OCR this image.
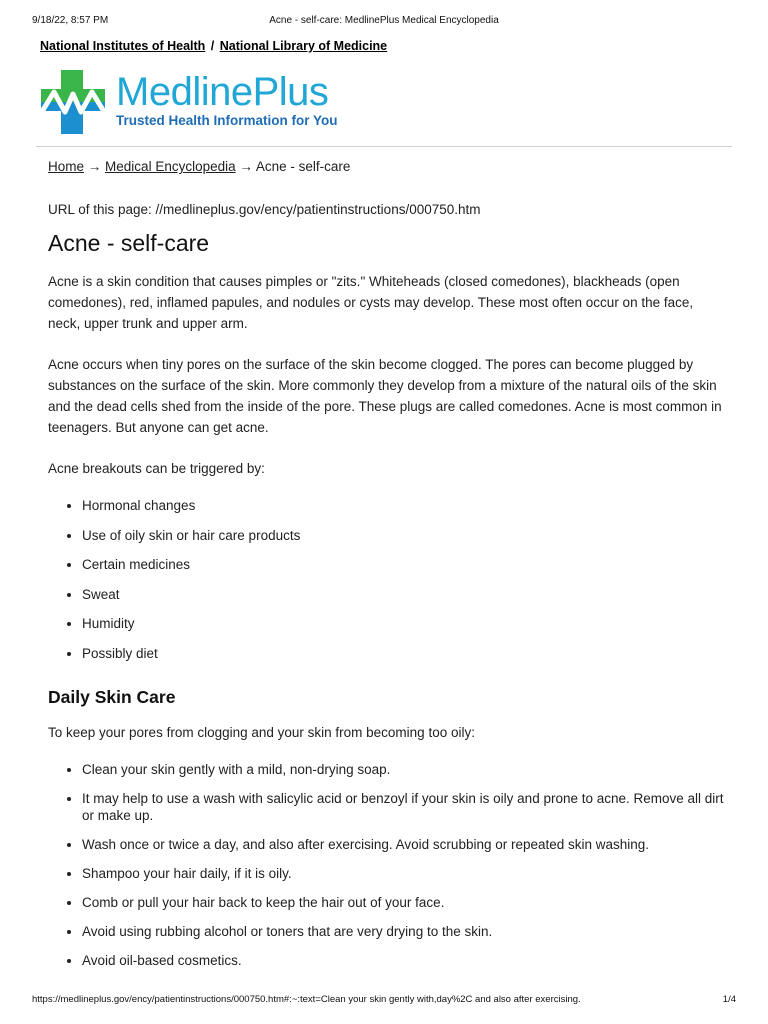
9/18/22, 8:57 PM	Acne - self-care: MedlinePlus Medical Encyclopedia
National Institutes of Health / National Library of Medicine
MedlinePlus
Trusted Health Information for You
Home → Medical Encyclopedia → Acne - self-care
URL of this page: //medlineplus.gov/ency/patientinstructions/000750.htm
Acne - self-care

Acne is a skin condition that causes pimples or "zits." Whiteheads (closed comedones), blackheads (open comedones), red, inflamed papules, and nodules or cysts may develop. These most often occur on the face, neck, upper trunk and upper arm.

Acne occurs when tiny pores on the surface of the skin become clogged. The pores can become plugged by substances on the surface of the skin. More commonly they develop from a mixture of the natural oils of the skin and the dead cells shed from the inside of the pore. These plugs are called comedones. Acne is most common in teenagers. But anyone can get acne.

Acne breakouts can be triggered by:

• Hormonal changes
• Use of oily skin or hair care products
• Certain medicines
• Sweat
• Humidity
• Possibly diet
Daily Skin Care

To keep your pores from clogging and your skin from becoming too oily:

• Clean your skin gently with a mild, non-drying soap.
• It may help to use a wash with salicylic acid or benzoyl if your skin is oily and prone to acne. Remove all dirt or make up.
• Wash once or twice a day, and also after exercising. Avoid scrubbing or repeated skin washing.
• Shampoo your hair daily, if it is oily.
• Comb or pull your hair back to keep the hair out of your face.
• Avoid using rubbing alcohol or toners that are very drying to the skin.
• Avoid oil-based cosmetics.
https://medlineplus.gov/ency/patientinstructions/000750.htm#:~:text=Clean your skin gently with,day%2C and also after exercising.	1/4
